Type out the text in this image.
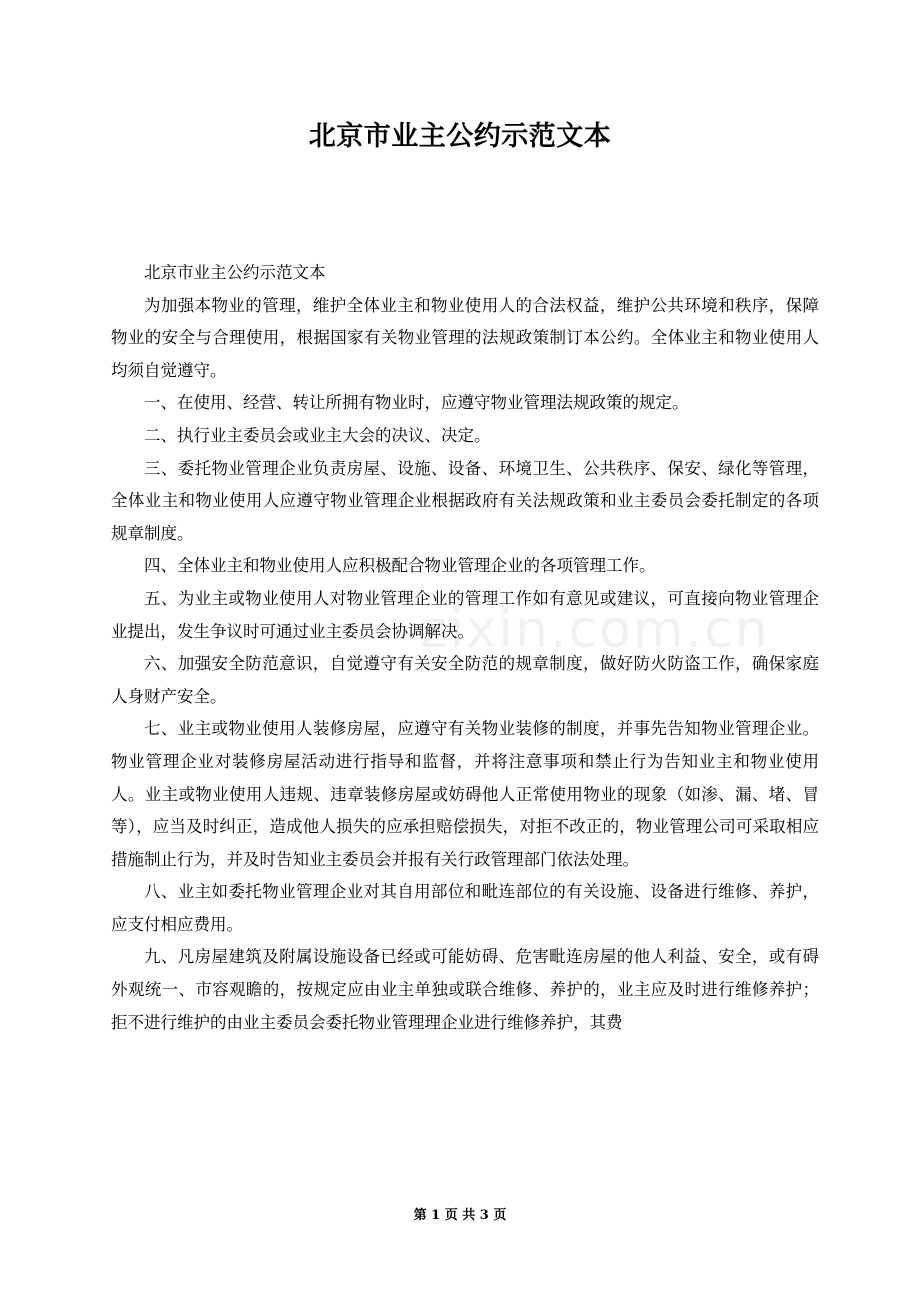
北京市业主公约示范文本
zixin.com.cn

北京市业主公约示范文本

为加强本物业的管理，维护全体业主和物业使用人的合法权益，维护公共环境和秩序，保障物业的安全与合理使用，根据国家有关物业管理的法规政策制订本公约。全体业主和物业使用人均须自觉遵守。

一、在使用、经营、转让所拥有物业时，应遵守物业管理法规政策的规定。

二、执行业主委员会或业主大会的决议、决定。

三、委托物业管理企业负责房屋、设施、设备、环境卫生、公共秩序、保安、绿化等管理，全体业主和物业使用人应遵守物业管理企业根据政府有关法规政策和业主委员会委托制定的各项规章制度。

四、全体业主和物业使用人应积极配合物业管理企业的各项管理工作。

五、为业主或物业使用人对物业管理企业的管理工作如有意见或建议，可直接向物业管理企业提出，发生争议时可通过业主委员会协调解决。

六、加强安全防范意识，自觉遵守有关安全防范的规章制度，做好防火防盗工作，确保家庭人身财产安全。

七、业主或物业使用人装修房屋，应遵守有关物业装修的制度，并事先告知物业管理企业。物业管理企业对装修房屋活动进行指导和监督，并将注意事项和禁止行为告知业主和物业使用人。业主或物业使用人违规、违章装修房屋或妨碍他人正常使用物业的现象（如渗、漏、堵、冒等），应当及时纠正，造成他人损失的应承担赔偿损失，对拒不改正的，物业管理公司可采取相应措施制止行为，并及时告知业主委员会并报有关行政管理部门依法处理。

八、业主如委托物业管理企业对其自用部位和毗连部位的有关设施、设备进行维修、养护，应支付相应费用。

九、凡房屋建筑及附属设施设备已经或可能妨碍、危害毗连房屋的他人利益、安全，或有碍外观统一、市容观瞻的，按规定应由业主单独或联合维修、养护的，业主应及时进行维修养护；拒不进行维护的由业主委员会委托物业管理理企业进行维修养护，其费

第 1 页 共 3 页
